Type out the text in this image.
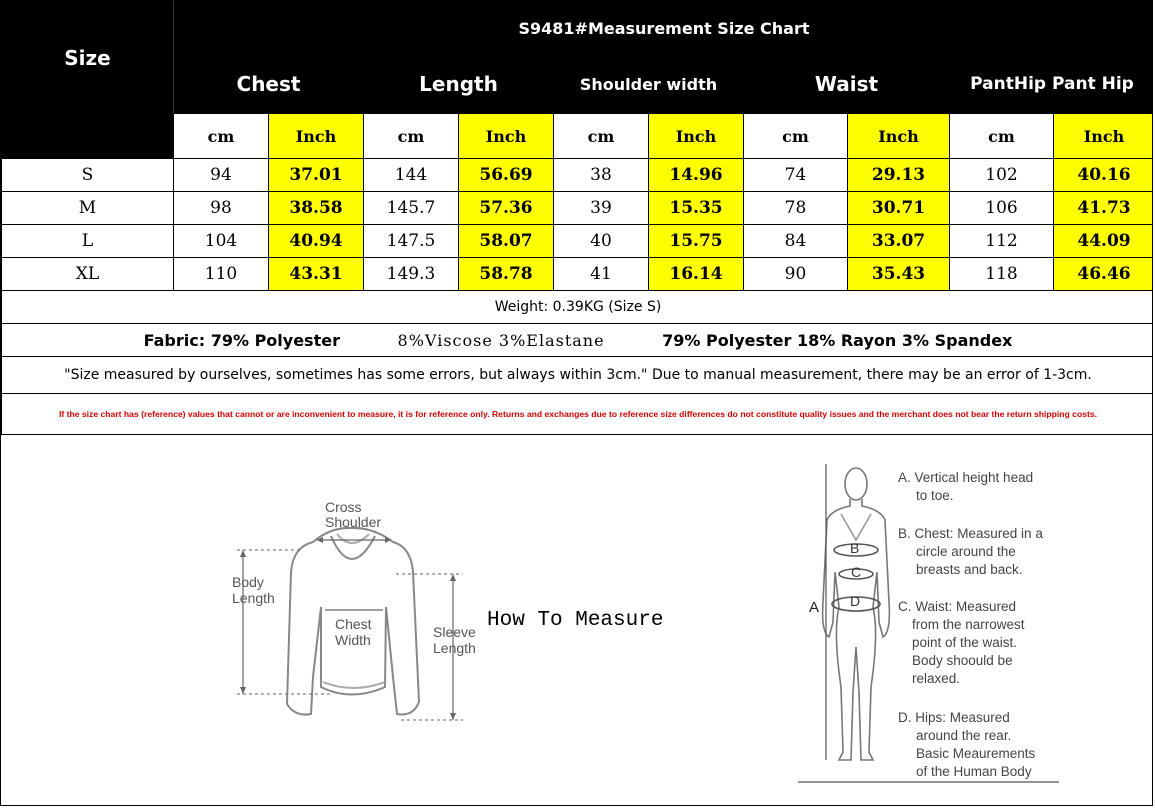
Size	S9481#Measurement Size Chart									
	Chest		Length		Shoulder width		Waist		PantHip Pant Hip	
	cm	Inch	cm	Inch	cm	Inch	cm	Inch	cm	Inch
S	94	37.01	144	56.69	38	14.96	74	29.13	102	40.16
M	98	38.58	145.7	57.36	39	15.35	78	30.71	106	41.73
L	104	40.94	147.5	58.07	40	15.75	84	33.07	112	44.09
XL	110	43.31	149.3	58.78	41	16.14	90	35.43	118	46.46
Weight: 0.39KG (Size S)										
Fabric: 79% Polyester 8%Viscose 3%Elastane 79% Polyester 18% Rayon 3% Spandex										
"Size measured by ourselves, sometimes has some errors, but always within 3cm." Due to manual measurement, there may be an error of 1-3cm.										
If the size chart has (reference) values that cannot or are inconvenient to measure, it is for reference only. Returns and exchanges due to reference size differences do not constitute quality issues and the merchant does not bear the return shipping costs.										
Cross
Shoulder
Body
Length
Chest
Width	Sleeve
Length
B
C
D
A
How To Measure
A. Vertical height head
to toe.
B. Chest: Measured in a
circle around the
breasts and back.
C. Waist: Measured
from the narrowest
point of the waist.
Body shoould be
relaxed.
D. Hips: Measured
around the rear.
Basic Meaurements
of the Human Body
